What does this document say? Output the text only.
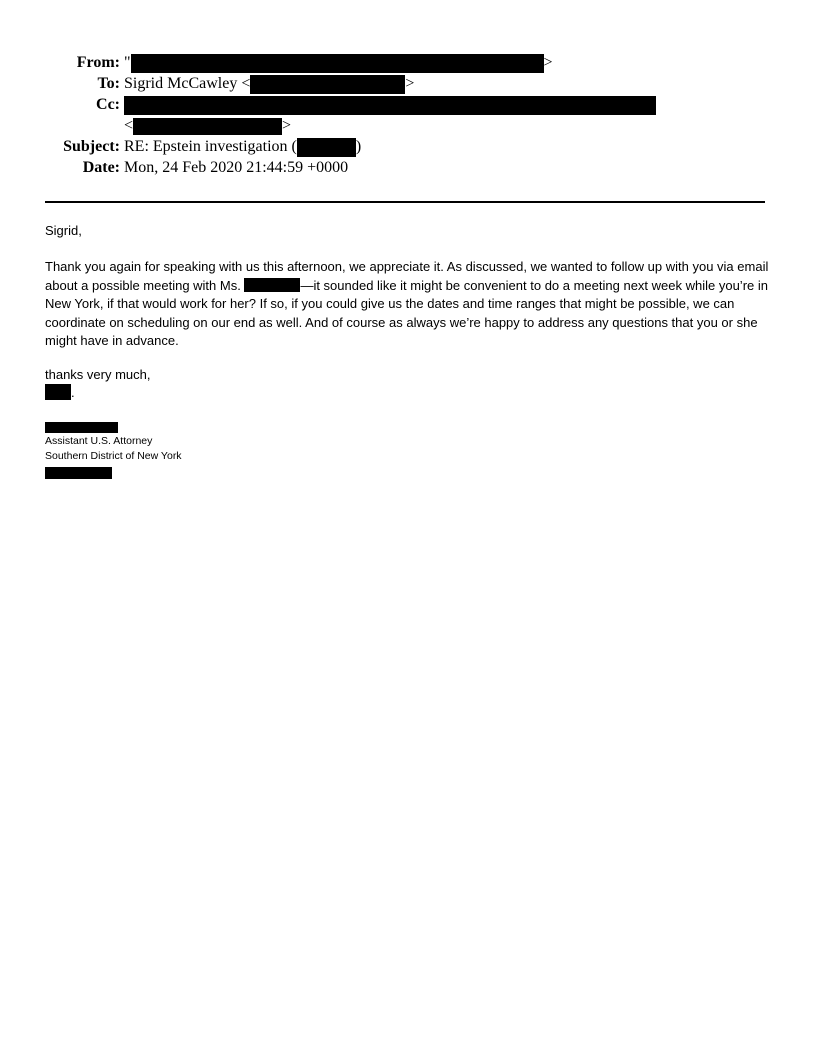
From: "	>
To: Sigrid McCawley <	>
Cc:
<	>
Subject: RE: Epstein investigation (	)
Date: Mon, 24 Feb 2020 21:44:59 +0000
Sigrid,
Thank you again for speaking with us this afternoon, we appreciate it. As discussed, we wanted to follow up with you via email about a possible meeting with Ms.	—it sounded like it might be convenient to do a meeting next week while you’re in New York, if that would work for her? If so, if you could give us the dates and time ranges that might be possible, we can coordinate on scheduling on our end as well. And of course as always we’re happy to address any questions that you or she might have in advance.
thanks very much,
.
Assistant U.S. Attorney
Southern District of New York
